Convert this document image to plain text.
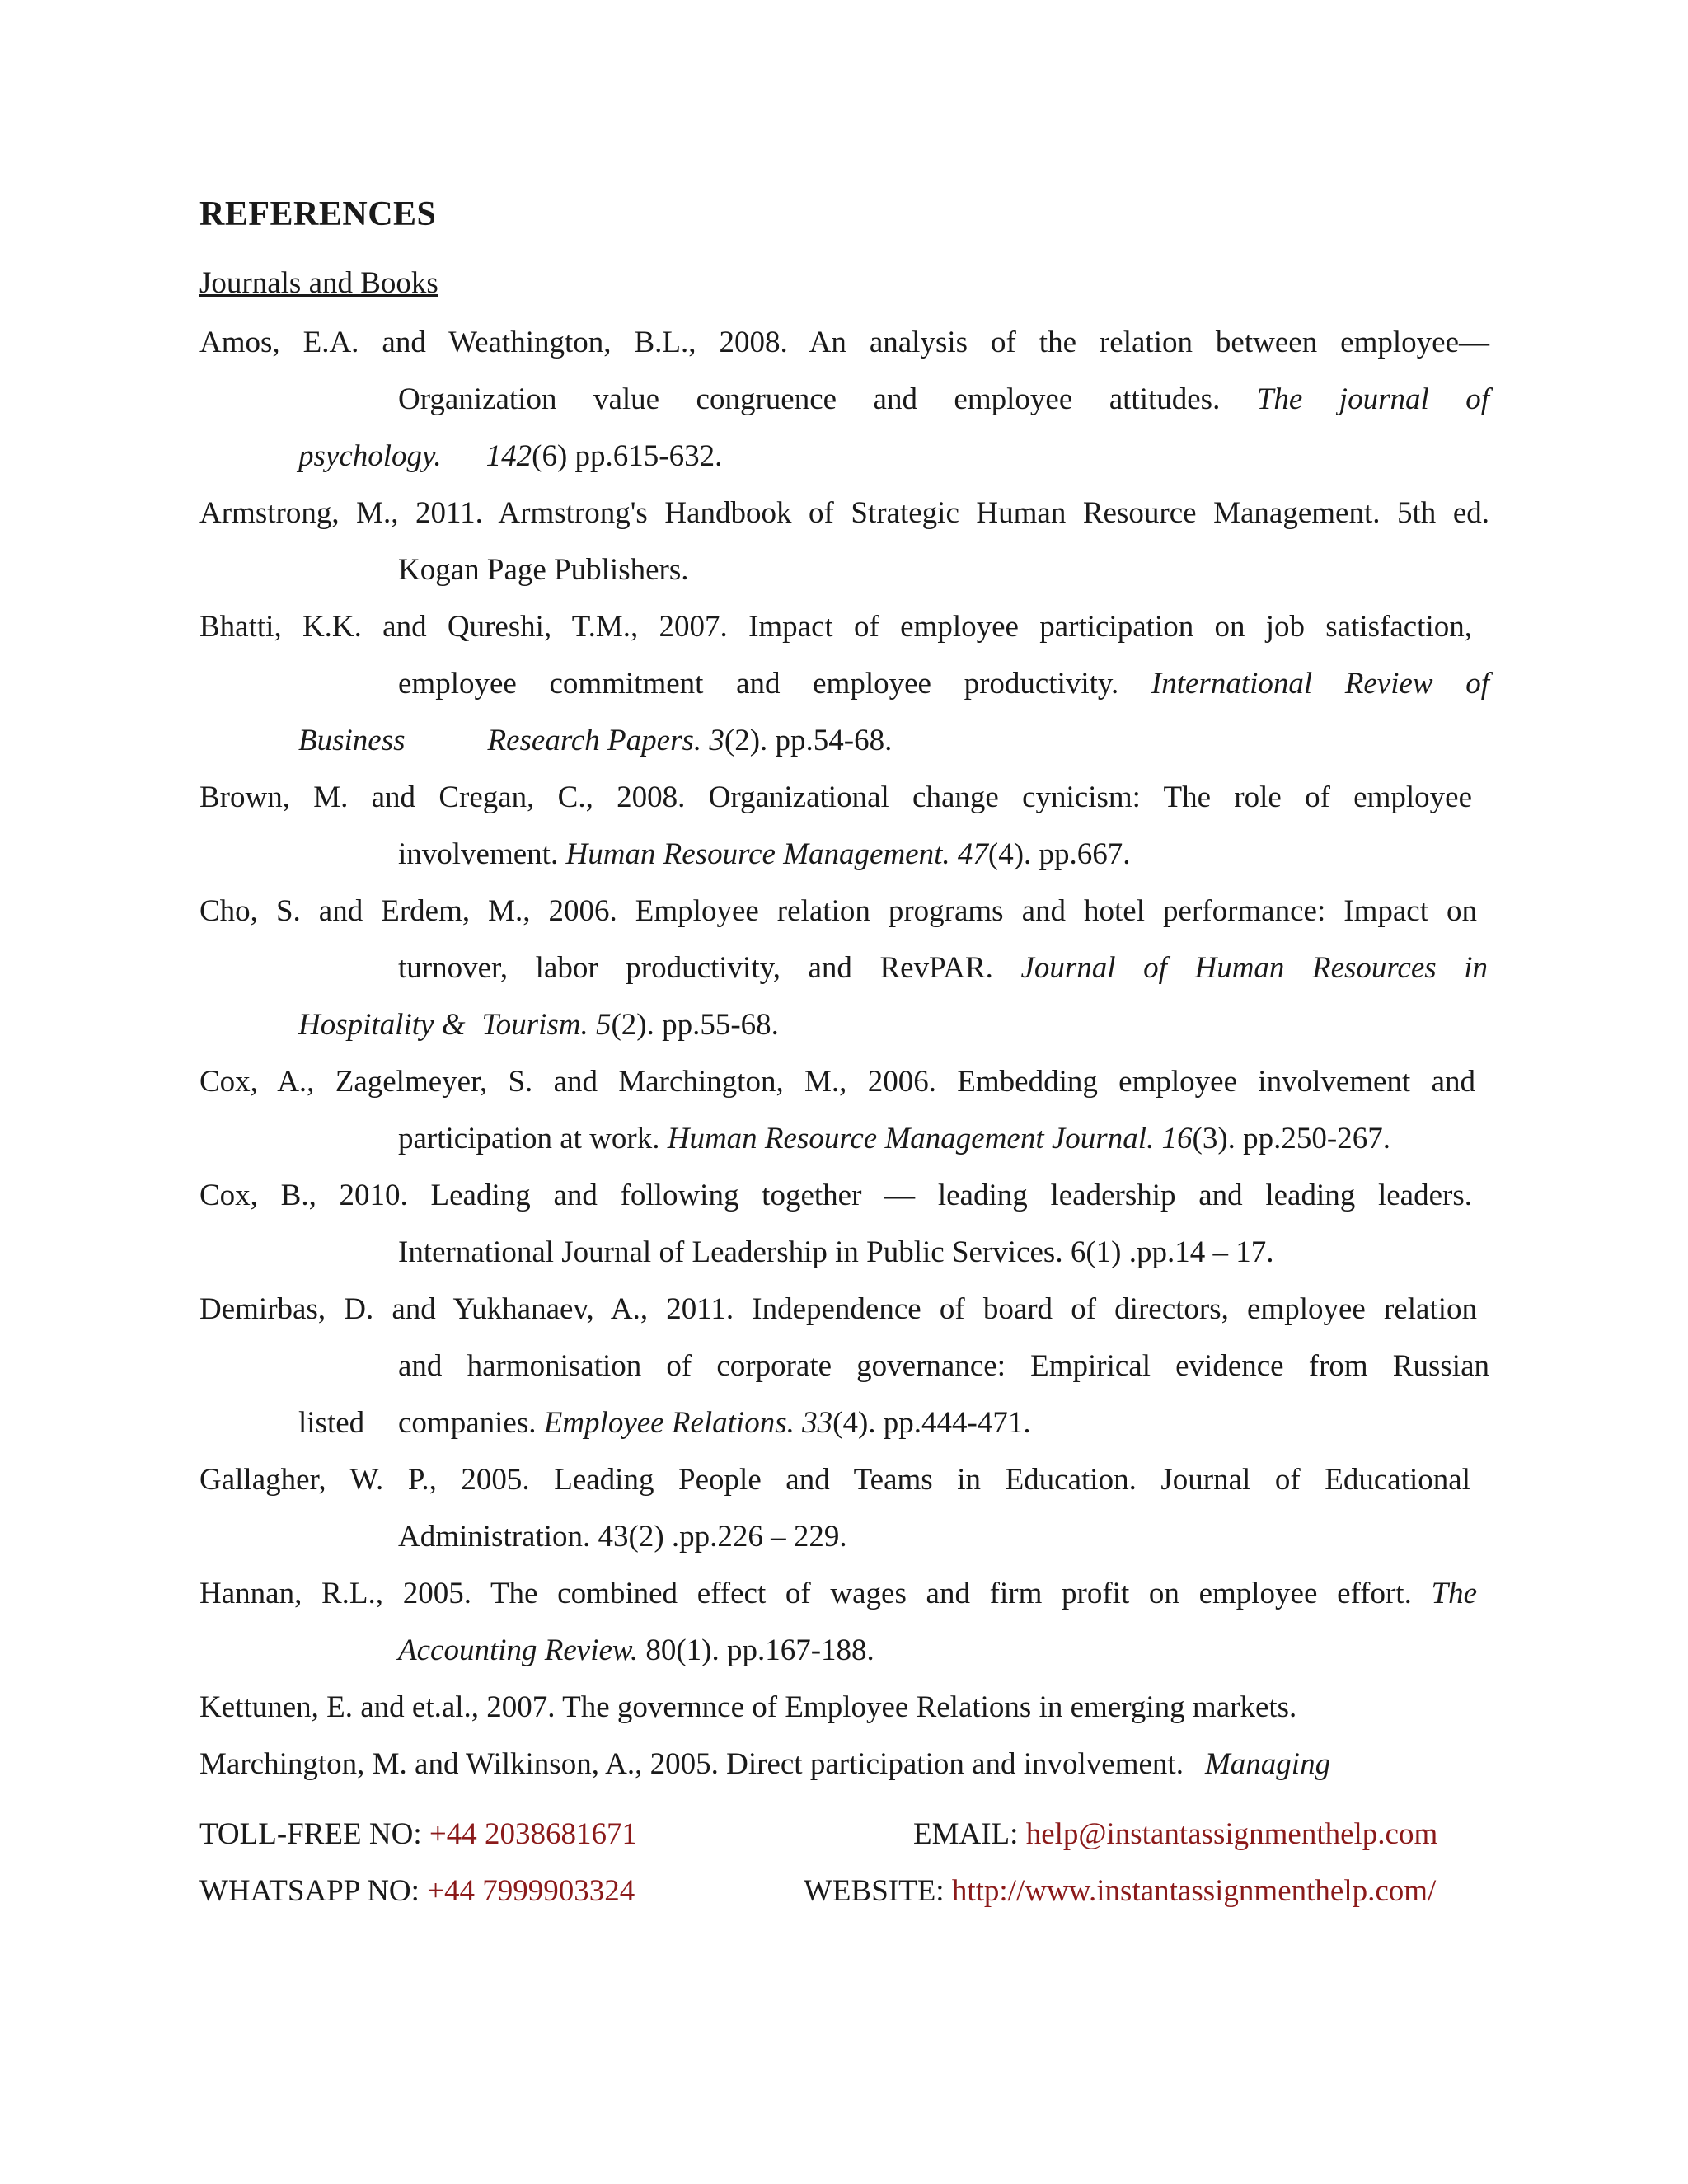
REFERENCES
Journals and Books
Amos, E.A. and Weathington, B.L., 2008. An analysis of the relation between employee—
Organization value congruence and employee attitudes. The journal of
psychology. 142(6) pp.615-632.
Armstrong, M., 2011. Armstrong's Handbook of Strategic Human Resource Management. 5th ed.
Kogan Page Publishers.
Bhatti, K.K. and Qureshi, T.M., 2007. Impact of employee participation on job satisfaction,
employee commitment and employee productivity. International Review of
Business	Research Papers. 3(2). pp.54-68.
Brown, M. and Cregan, C., 2008. Organizational change cynicism: The role of employee
involvement. Human Resource Management. 47(4). pp.667.
Cho, S. and Erdem, M., 2006. Employee relation programs and hotel performance: Impact on
turnover, labor productivity, and RevPAR. Journal of Human Resources in
Hospitality & Tourism. 5(2). pp.55-68.
Cox, A., Zagelmeyer, S. and Marchington, M., 2006. Embedding employee involvement and
participation at work. Human Resource Management Journal. 16(3). pp.250-267.
Cox, B., 2010. Leading and following together — leading leadership and leading leaders.
International Journal of Leadership in Public Services. 6(1) .pp.14 – 17.
Demirbas, D. and Yukhanaev, A., 2011. Independence of board of directors, employee relation
and harmonisation of corporate governance: Empirical evidence from Russian
listed companies. Employee Relations. 33(4). pp.444-471.
Gallagher, W. P., 2005. Leading People and Teams in Education. Journal of Educational
Administration. 43(2) .pp.226 – 229.
Hannan, R.L., 2005. The combined effect of wages and firm profit on employee effort. The
Accounting Review. 80(1). pp.167-188.
Kettunen, E. and et.al., 2007. The governnce of Employee Relations in emerging markets.
Marchington, M. and Wilkinson, A., 2005. Direct participation and involvement. Managing
TOLL-FREE NO: +44 2038681671	EMAIL: help@instantassignmenthelp.com
WHATSAPP NO: +44 7999903324	WEBSITE: http://www.instantassignmenthelp.com/
